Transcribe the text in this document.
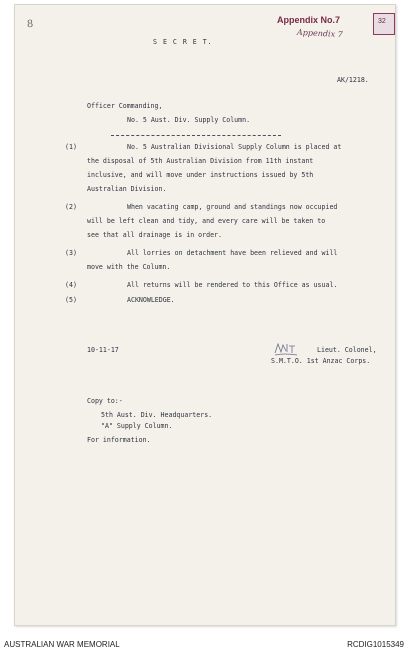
8	Appendix No.7	32
Appendix 7

S E C R E T.

AK/1218.

Officer Commanding,

No. 5 Aust. Div. Supply Column.

(1)	No. 5 Australian Divisional Supply Column is placed at

the disposal of 5th Australian Division from 11th instant

inclusive, and will move under instructions issued by 5th

Australian Division.

(2)	When vacating camp, ground and standings now occupied

will be left clean and tidy, and every care will be taken to

see that all drainage is in order.

(3)	All lorries on detachment have been relieved and will

move with the Column.

(4)	All returns will be rendered to this Office as usual.

(5)	ACKNOWLEDGE.

10-11-17	Lieut. Colonel,

S.M.T.O. 1st Anzac Corps.

Copy to:-

5th Aust. Div. Headquarters.

"A" Supply Column.

For information.

AUSTRALIAN WAR MEMORIAL	RCDIG1015349
